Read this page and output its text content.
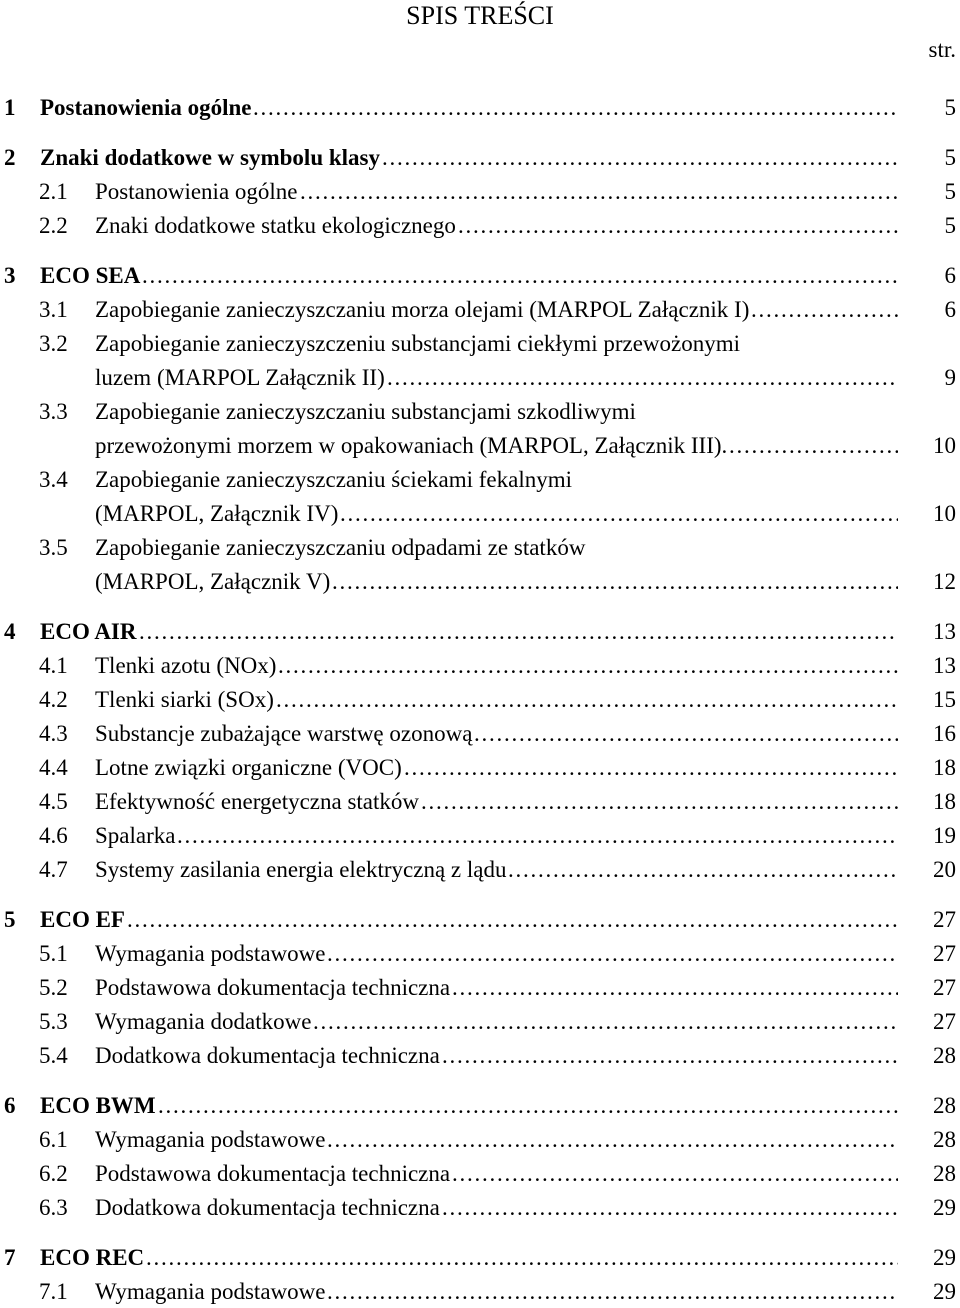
SPIS TREŚCI
str.
1 Postanowienia ogólne . . .	5
2 Znaki dodatkowe w symbolu klasy . . .	5
2.1 Postanowienia ogólne . . .	5
2.2 Znaki dodatkowe statku ekologicznego . . .	5
3 ECO SEA . . .	6
3.1 Zapobieganie zanieczyszczaniu morza olejami (MARPOL Załącznik I) . . .	6
3.2 Zapobieganie zanieczyszczeniu substancjami ciekłymi przewożonymi
luzem (MARPOL Załącznik II) . . .	9
3.3 Zapobieganie zanieczyszczaniu substancjami szkodliwymi
przewożonymi morzem w opakowaniach (MARPOL, Załącznik III). . . .	10
3.4 Zapobieganie zanieczyszczaniu ściekami fekalnymi
(MARPOL, Załącznik IV) . . .	10
3.5 Zapobieganie zanieczyszczaniu odpadami ze statków
(MARPOL, Załącznik V) . . .	12
4 ECO AIR . . .	13
4.1 Tlenki azotu (NOx) . . .	13
4.2 Tlenki siarki (SOx) . . .	15
4.3 Substancje zubażające warstwę ozonową . . .	16
4.4 Lotne związki organiczne (VOC) . . .	18
4.5 Efektywność energetyczna statków . . .	18
4.6 Spalarka . . .	19
4.7 Systemy zasilania energia elektryczną z lądu . . .	20
5 ECO EF . . .	27
5.1 Wymagania podstawowe . . .	27
5.2 Podstawowa dokumentacja techniczna . . .	27
5.3 Wymagania dodatkowe . . .	27
5.4 Dodatkowa dokumentacja techniczna . . .	28
6 ECO BWM . . .	28
6.1 Wymagania podstawowe . . .	28
6.2 Podstawowa dokumentacja techniczna . . .	28
6.3 Dodatkowa dokumentacja techniczna . . .	29
7 ECO REC . . .	29
7.1 Wymagania podstawowe . . .	29
